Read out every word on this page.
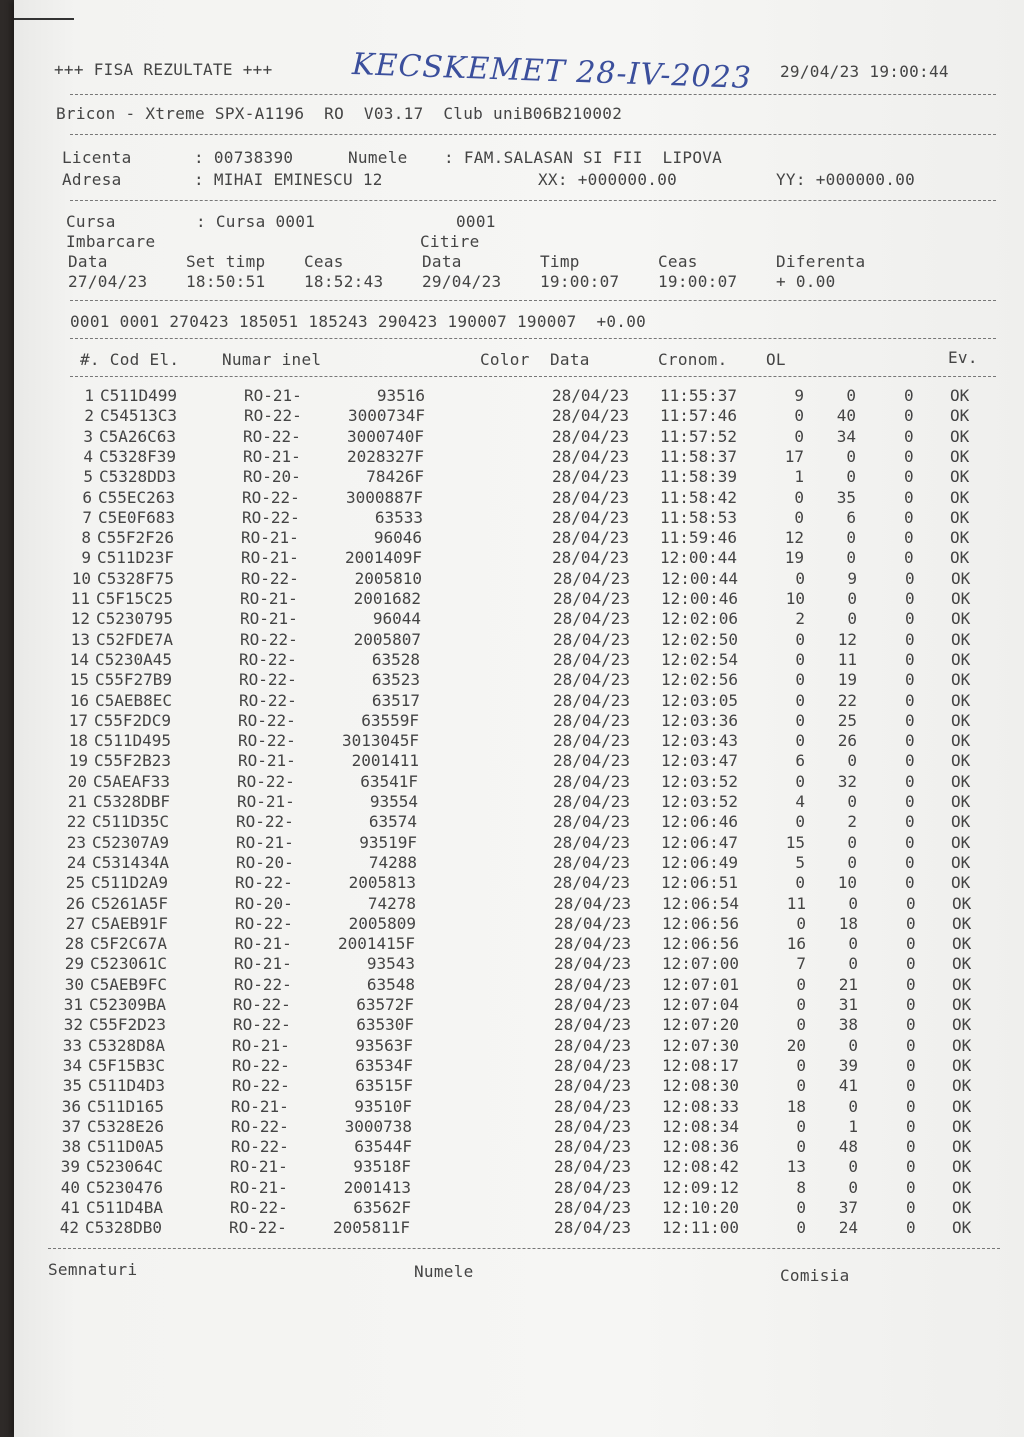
+++ FISA REZULTATE +++	KECSKEMET 28-IV-2023 29/04/23 19:00:44
Bricon - Xtreme SPX-A1196  RO  V03.17  Club uniB06B210002
Licenta	: 00738390	Numele : FAM.SALASAN SI FII  LIPOVA
Adresa	: MIHAI EMINESCU 12	XX: +000000.00	YY: +000000.00
Cursa	: Cursa 0001	0001
Imbarcare	Citire
Data	Set timp Ceas	Data	Timp	Ceas	Diferenta
27/04/23 18:50:51 18:52:43 29/04/23 19:00:07 19:00:07 + 0.00
0001 0001 270423 185051 185243 290423 190007 190007  +0.00
#. Cod El.	Numar inel	Color Data	Cronom. OL	Ev.
1 C511D499	RO-21-	93516	28/04/23 11:55:37	9	0	0 OK
2 C54513C3	RO-22-	3000734F	28/04/23 11:57:46	0	40	0 OK
3 C5A26C63	RO-22-	3000740F	28/04/23 11:57:52	0	34	0 OK
4 C5328F39	RO-21-	2028327F	28/04/23 11:58:37	17	0	0 OK
5 C5328DD3	RO-20-	78426F	28/04/23 11:58:39	1	0	0 OK
6 C55EC263	RO-22-	3000887F	28/04/23 11:58:42	0	35	0 OK
7 C5E0F683	RO-22-	63533	28/04/23 11:58:53	0	6	0 OK
8 C55F2F26	RO-21-	96046	28/04/23 11:59:46	12	0	0 OK
9 C511D23F	RO-21-	2001409F	28/04/23 12:00:44	19	0	0 OK
10 C5328F75	RO-22-	2005810	28/04/23 12:00:44	0	9	0 OK
11 C5F15C25	RO-21-	2001682	28/04/23 12:00:46	10	0	0 OK
12 C5230795	RO-21-	96044	28/04/23 12:02:06	2	0	0 OK
13 C52FDE7A	RO-22-	2005807	28/04/23 12:02:50	0	12	0 OK
14 C5230A45	RO-22-	63528	28/04/23 12:02:54	0	11	0 OK
15 C55F27B9	RO-22-	63523	28/04/23 12:02:56	0	19	0 OK
16 C5AEB8EC	RO-22-	63517	28/04/23 12:03:05	0	22	0 OK
17 C55F2DC9	RO-22-	63559F	28/04/23 12:03:36	0	25	0 OK
18 C511D495	RO-22-	3013045F	28/04/23 12:03:43	0	26	0 OK
19 C55F2B23	RO-21-	2001411	28/04/23 12:03:47	6	0	0 OK
20 C5AEAF33	RO-22-	63541F	28/04/23 12:03:52	0	32	0 OK
21 C5328DBF	RO-21-	93554	28/04/23 12:03:52	4	0	0 OK
22 C511D35C	RO-22-	63574	28/04/23 12:06:46	0	2	0 OK
23 C52307A9	RO-21-	93519F	28/04/23 12:06:47	15	0	0 OK
24 C531434A	RO-20-	74288	28/04/23 12:06:49	5	0	0 OK
25 C511D2A9	RO-22-	2005813	28/04/23 12:06:51	0	10	0 OK
26 C5261A5F	RO-20-	74278	28/04/23 12:06:54	11	0	0 OK
27 C5AEB91F	RO-22-	2005809	28/04/23 12:06:56	0	18	0 OK
28 C5F2C67A	RO-21-	2001415F	28/04/23 12:06:56	16	0	0 OK
29 C523061C	RO-21-	93543	28/04/23 12:07:00	7	0	0 OK
30 C5AEB9FC	RO-22-	63548	28/04/23 12:07:01	0	21	0 OK
31 C52309BA	RO-22-	63572F	28/04/23 12:07:04	0	31	0 OK
32 C55F2D23	RO-22-	63530F	28/04/23 12:07:20	0	38	0 OK
33 C5328D8A	RO-21-	93563F	28/04/23 12:07:30	20	0	0 OK
34 C5F15B3C	RO-22-	63534F	28/04/23 12:08:17	0	39	0 OK
35 C511D4D3	RO-22-	63515F	28/04/23 12:08:30	0	41	0 OK
36 C511D165	RO-21-	93510F	28/04/23 12:08:33	18	0	0 OK
37 C5328E26	RO-22-	3000738	28/04/23 12:08:34	0	1	0 OK
38 C511D0A5	RO-22-	63544F	28/04/23 12:08:36	0	48	0 OK
39 C523064C	RO-21-	93518F	28/04/23 12:08:42	13	0	0 OK
40 C5230476	RO-21-	2001413	28/04/23 12:09:12	8	0	0 OK
41 C511D4BA	RO-22-	63562F	28/04/23 12:10:20	0	37	0 OK
42 C5328DB0	RO-22-	2005811F	28/04/23 12:11:00	0	24	0 OK
Semnaturi	Numele	Comisia
